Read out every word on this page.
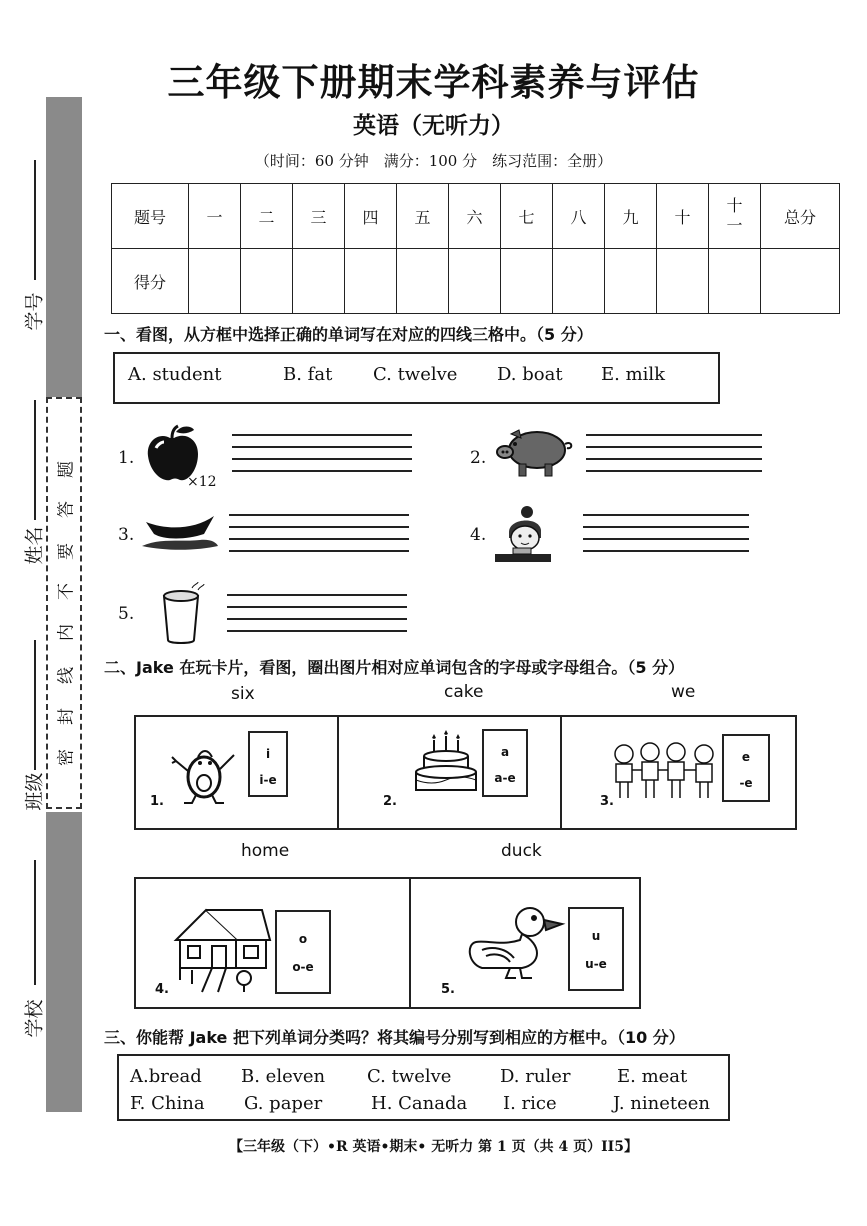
学号
姓名
班级
学校
题
答
要
不
内
线
封
密
三年级下册期末学科素养与评估
英语（无听力）
（时间：60 分钟　满分：100 分　练习范围：全册）
题号	一	二	三	四	五	六	七	八	九	十	十一	总分
得分												
一、看图，从方框中选择正确的单词写在对应的四线三格中。（5 分）
A. student	B. fat C. twelve D. boat E. milk
1.
×12
2.
3.	4.
5.
二、Jake 在玩卡片，看图，圈出图片相对应单词包含的字母或字母组合。（5 分）
six	cake	we
i
i-e
1.
a
a-e
2.
e
-e
3.
home	duck
o
o-e
4.
u
u-e
5.
三、你能帮 Jake 把下列单词分类吗？将其编号分别写到相应的方框中。（10 分）
A.bread B. eleven C. twelve	D. ruler	E. meat
F. China G. paper	H. Canada I. rice	J. nineteen
【三年级（下）•R 英语•期末• 无听力 第 1 页（共 4 页）II5】
